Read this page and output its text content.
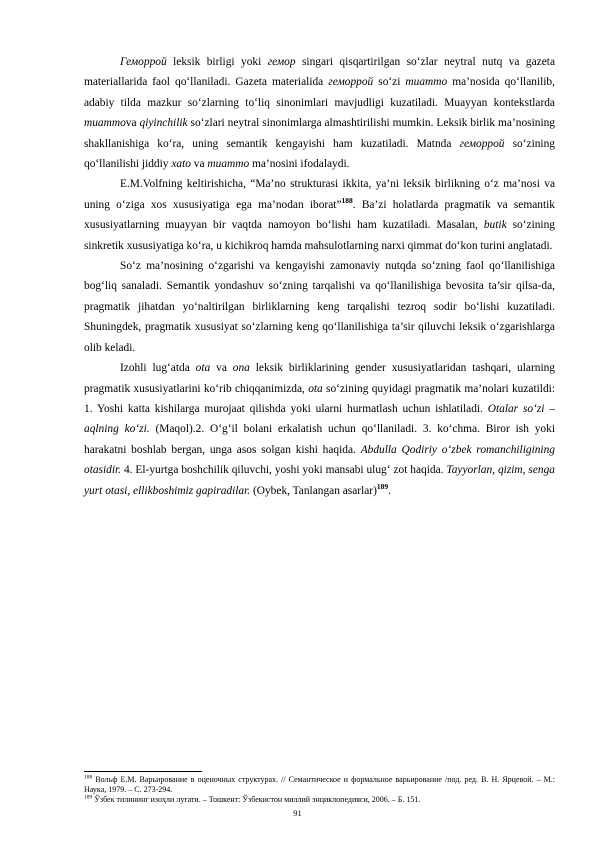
Геморрой leksik birligi yoki гемор singari qisqartirilgan so‘zlar neytral nutq va gazeta materiallarida faol qo‘llaniladi. Gazeta materialida геморрой so‘zi muammo ma’nosida qo‘llanilib, adabiy tilda mazkur so‘zlarning to‘liq sinonimlari mavjudligi kuzatiladi. Muayyan kontekstlarda muammova qiyinchilik so‘zlari neytral sinonimlarga almashtirilishi mumkin. Leksik birlik ma’nosining shakllanishiga ko‘ra, uning semantik kengayishi ham kuzatiladi. Matnda геморрой so‘zining qo‘llanilishi jiddiy xato va muammo ma’nosini ifodalaydi.

E.M.Volfning keltirishicha, “Ma’no strukturasi ikkita, ya’ni leksik birlikning o‘z ma’nosi va uning o‘ziga xos xususiyatiga ega ma’nodan iborat”$^{188}$. Ba’zi holatlarda pragmatik va semantik xususiyatlarning muayyan bir vaqtda namoyon bo‘lishi ham kuzatiladi. Masalan, butik so‘zining sinkretik xususiyatiga ko‘ra, u kichikroq hamda mahsulotlarning narxi qimmat do‘kon turini anglatadi.

So‘z ma’nosining o‘zgarishi va kengayishi zamonaviy nutqda so‘zning faol qo‘llanilishiga bog‘liq sanaladi. Semantik yondashuv so‘zning tarqalishi va qo‘llanilishiga bevosita ta’sir qilsa-da, pragmatik jihatdan yo‘naltirilgan birliklarning keng tarqalishi tezroq sodir bo‘lishi kuzatiladi. Shuningdek, pragmatik xususiyat so‘zlarning keng qo‘llanilishiga ta’sir qiluvchi leksik o‘zgarishlarga olib keladi.

Izohli lug‘atda ota va ona leksik birliklarining gender xususiyatlaridan tashqari, ularning pragmatik xususiyatlarini ko‘rib chiqqanimizda, ota so‘zining quyidagi pragmatik ma’nolari kuzatildi: 1. Yoshi katta kishilarga murojaat qilishda yoki ularni hurmatlash uchun ishlatiladi. Otalar so‘zi – aqlning ko‘zi. (Maqol).2. O‘g‘il bolani erkalatish uchun qo‘llaniladi. 3. ko‘chma. Biror ish yoki harakatni boshlab bergan, unga asos solgan kishi haqida. Abdulla Qodiriy o‘zbek romanchiligining otasidir. 4. El-yurtga boshchilik qiluvchi, yoshi yoki mansabi ulug‘ zot haqida. Tayyorlan, qizim, senga yurt otasi, ellikboshimiz gapiradilar. (Oybek, Tanlangan asarlar)$^{189}$.

$^{188}$ Вольф Е.М. Варьирование в оценочных структурах. // Семантическое и формальное варьирование /под. ред. В. Н. Ярцевой. – М.: Наука, 1979. – С. 273-294.

$^{189}$ Ўзбек тилининг изоҳли луғати. – Тошкент: Ўзбекистон миллий энциклопедияси, 2006. – Б. 151.

91
